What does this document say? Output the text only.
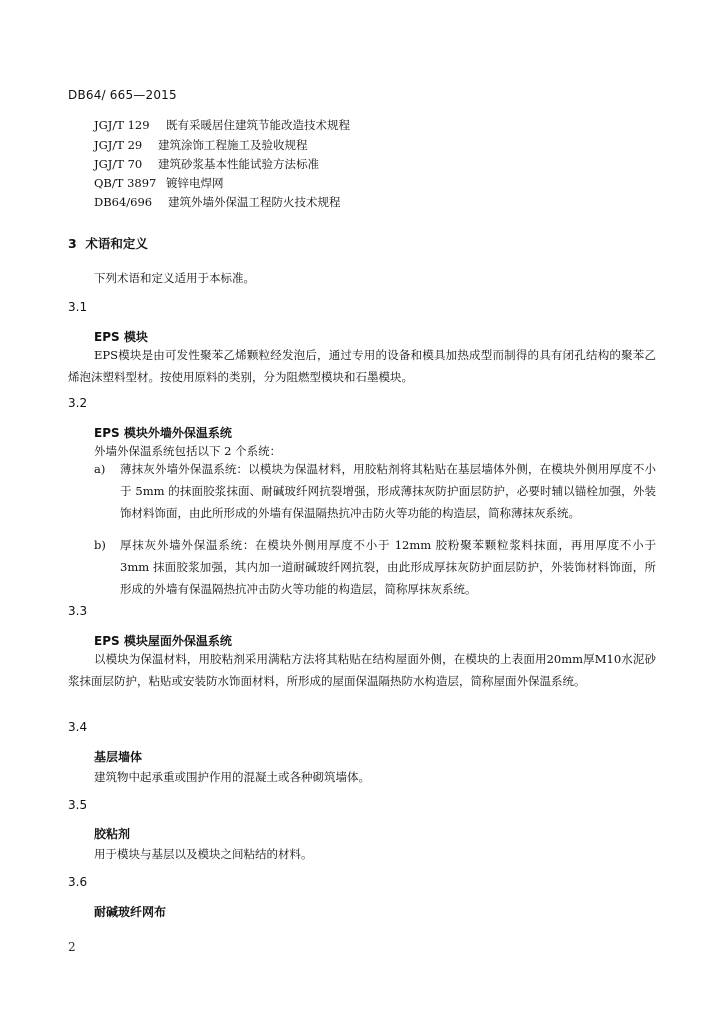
DB64/ 665—2015
JGJ/T 129 既有采暖居住建筑节能改造技术规程
JGJ/T 29 建筑涂饰工程施工及验收规程
JGJ/T 70 建筑砂浆基本性能试验方法标准
QB/T 3897 镀锌电焊网
DB64/696 建筑外墙外保温工程防火技术规程
3 术语和定义
下列术语和定义适用于本标准。
3.1
EPS 模块
EPS模块是由可发性聚苯乙烯颗粒经发泡后，通过专用的设备和模具加热成型而制得的具有闭孔结构的聚苯乙烯泡沫塑料型材。按使用原料的类别，分为阻燃型模块和石墨模块。
3.2
EPS 模块外墙外保温系统
外墙外保温系统包括以下 2 个系统：
a) 薄抹灰外墙外保温系统：以模块为保温材料，用胶粘剂将其粘贴在基层墙体外侧，在模块外侧用厚度不小于 5mm 的抹面胶浆抹面、耐碱玻纤网抗裂增强，形成薄抹灰防护面层防护，必要时辅以锚栓加强，外装饰材料饰面，由此所形成的外墙有保温隔热抗冲击防火等功能的构造层，简称薄抹灰系统。
b) 厚抹灰外墙外保温系统：在模块外侧用厚度不小于 12mm 胶粉聚苯颗粒浆料抹面，再用厚度不小于 3mm 抹面胶浆加强，其内加一道耐碱玻纤网抗裂，由此形成厚抹灰防护面层防护，外装饰材料饰面，所形成的外墙有保温隔热抗冲击防火等功能的构造层，简称厚抹灰系统。
3.3
EPS 模块屋面外保温系统
以模块为保温材料，用胶粘剂采用满粘方法将其粘贴在结构屋面外侧，在模块的上表面用20mm厚M10水泥砂浆抹面层防护，粘贴或安装防水饰面材料，所形成的屋面保温隔热防水构造层，简称屋面外保温系统。
3.4
基层墙体
建筑物中起承重或围护作用的混凝土或各种砌筑墙体。
3.5
胶粘剂
用于模块与基层以及模块之间粘结的材料。
3.6
耐碱玻纤网布
2
